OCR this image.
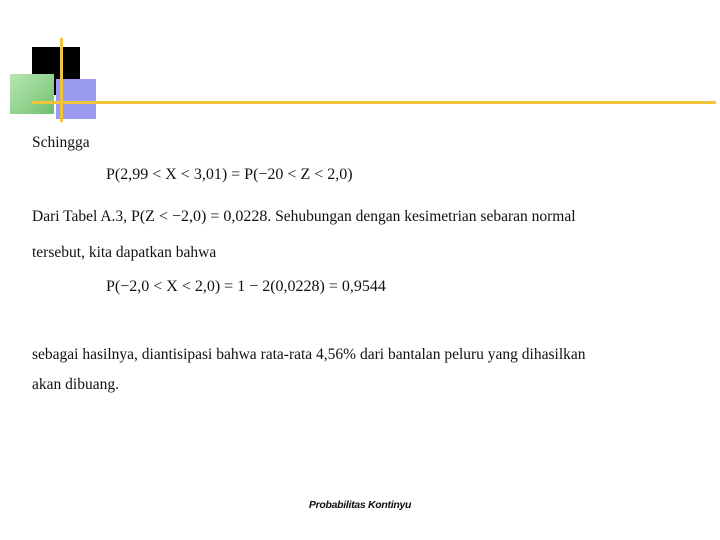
Schingga
P(2,99 < X < 3,01) = P(−20 < Z < 2,0)
Dari Tabel A.3, P(Z < −2,0) = 0,0228. Sehubungan dengan kesimetrian sebaran normal
tersebut, kita dapatkan bahwa
P(−2,0 < X < 2,0) = 1 − 2(0,0228) = 0,9544
sebagai hasilnya, diantisipasi bahwa rata-rata 4,56% dari bantalan peluru yang dihasilkan
akan dibuang.
Probabilitas Kontinyu
